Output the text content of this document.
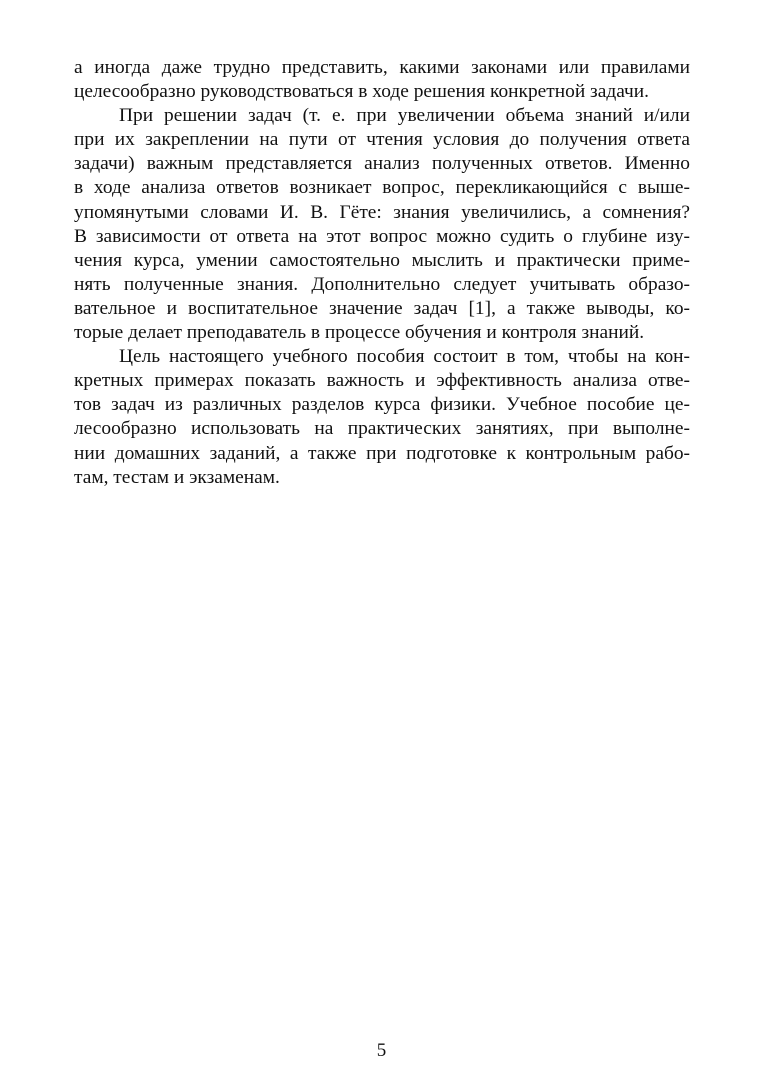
а иногда даже трудно представить, какими законами или правилами
целесообразно руководствоваться в ходе решения конкретной задачи.
При решении задач (т. е. при увеличении объема знаний и/или
при их закреплении на пути от чтения условия до получения ответа
задачи) важным представляется анализ полученных ответов. Именно
в ходе анализа ответов возникает вопрос, перекликающийся с выше-
упомянутыми словами И. В. Гёте: знания увеличились, а сомнения?
В зависимости от ответа на этот вопрос можно судить о глубине изу-
чения курса, умении самостоятельно мыслить и практически приме-
нять полученные знания. Дополнительно следует учитывать образо-
вательное и воспитательное значение задач [1], а также выводы, ко-
торые делает преподаватель в процессе обучения и контроля знаний.
Цель настоящего учебного пособия состоит в том, чтобы на кон-
кретных примерах показать важность и эффективность анализа отве-
тов задач из различных разделов курса физики. Учебное пособие це-
лесообразно использовать на практических занятиях, при выполне-
нии домашних заданий, а также при подготовке к контрольным рабо-
там, тестам и экзаменам.
5
